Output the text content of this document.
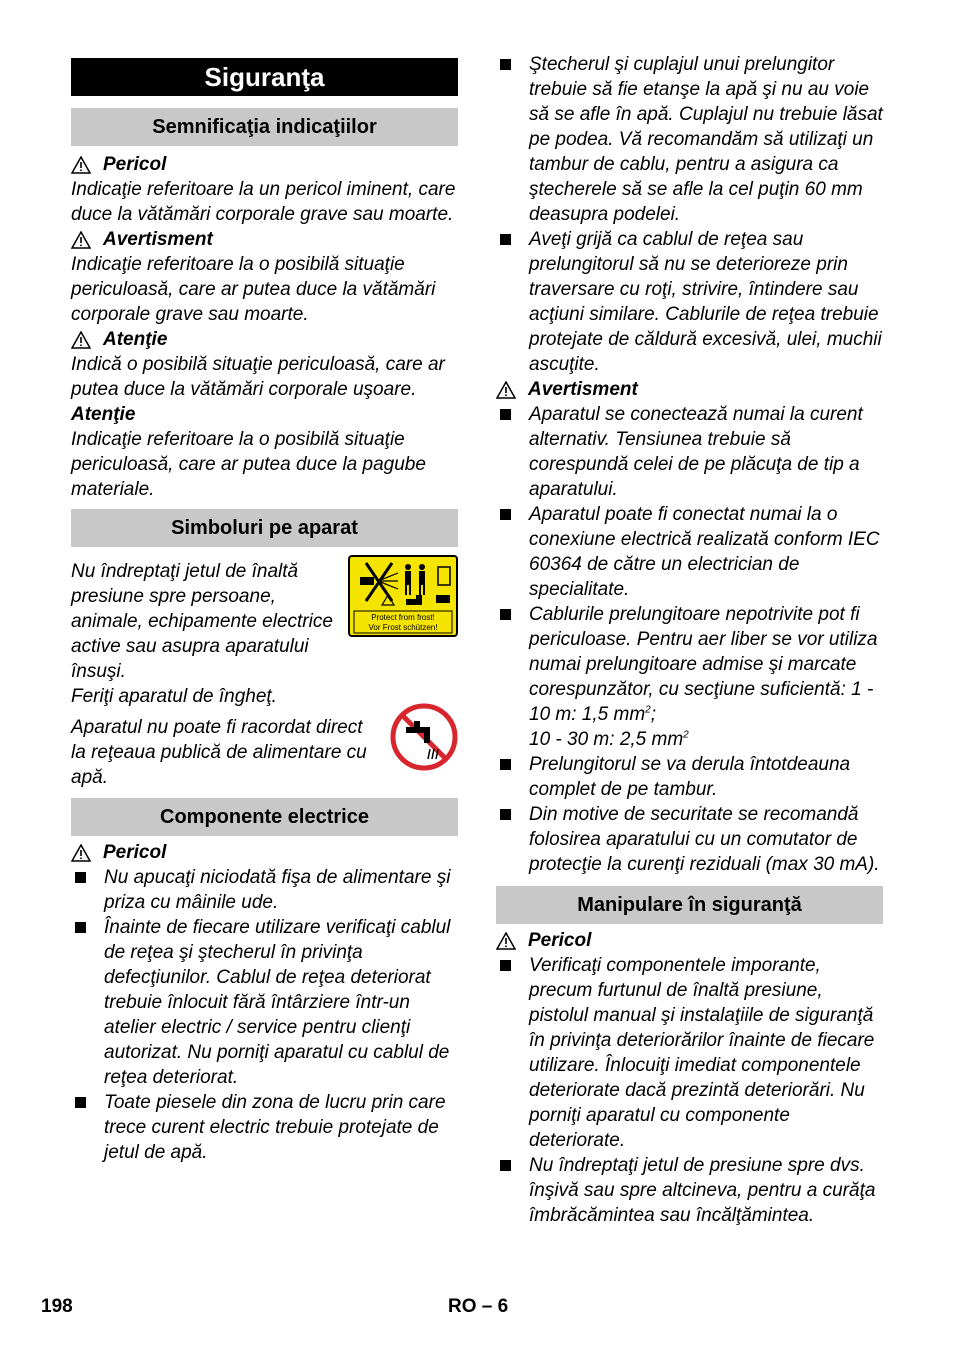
Siguranţa
Semnificaţia indicaţiilor
Pericol

Indicaţie referitoare la un pericol iminent, care duce la vătămări corporale grave sau moarte.

Avertisment

Indicaţie referitoare la o posibilă situaţie periculoasă, care ar putea duce la vătămări corporale grave sau moarte.

Atenţie

Indică o posibilă situaţie periculoasă, care ar putea duce la vătămări corporale uşoare.

Atenţie

Indicaţie referitoare la o posibilă situaţie periculoasă, care ar putea duce la pagube materiale.

Simboluri pe aparat

Nu îndreptaţi jetul de înaltă presiune spre persoane, animale, echipamente electrice active sau asupra aparatului însuşi.

Protect from frost!
Vor Frost schützen!

Feriţi aparatul de îngheţ.

Aparatul nu poate fi racordat direct la reţeaua publică de alimentare cu apă.

Componente electrice
Pericol
Nu apucaţi niciodată fişa de alimentare şi priza cu mâinile ude.
Înainte de fiecare utilizare verificaţi cablul de reţea şi ştecherul în privinţa defecţiunilor. Cablul de reţea deteriorat trebuie înlocuit fără întârziere într-un atelier electric / service pentru clienţi autorizat. Nu porniţi aparatul cu cablul de reţea deteriorat.
Toate piesele din zona de lucru prin care trece curent electric trebuie protejate de jetul de apă.
Ştecherul şi cuplajul unui prelungitor trebuie să fie etanşe la apă şi nu au voie să se afle în apă. Cuplajul nu trebuie lăsat pe podea. Vă recomandăm să utilizaţi un tambur de cablu, pentru a asigura ca ştecherele să se afle la cel puţin 60 mm deasupra podelei.
Aveţi grijă ca cablul de reţea sau prelungitorul să nu se deterioreze prin traversare cu roţi, strivire, întindere sau acţiuni similare. Cablurile de reţea trebuie protejate de căldură excesivă, ulei, muchii ascuţite.
Avertisment
Aparatul se conectează numai la curent alternativ. Tensiunea trebuie să corespundă celei de pe plăcuţa de tip a aparatului.
Aparatul poate fi conectat numai la o conexiune electrică realizată conform IEC 60364 de către un electrician de specialitate.
Cablurile prelungitoare nepotrivite pot fi periculoase. Pentru aer liber se vor utiliza numai prelungitoare admise şi marcate corespunzător, cu secţiune suficientă: 1 - 10 m: 1,5 $mm^2$;
10 - 30 m: 2,5 $mm^2$
Prelungitorul se va derula întotdeauna complet de pe tambur.
Din motive de securitate se recomandă folosirea aparatului cu un comutator de protecţie la curenţi reziduali (max 30 mA).
Manipulare în siguranţă
Pericol
Verificaţi componentele imporante, precum furtunul de înaltă presiune, pistolul manual şi instalaţiile de siguranţă în privinţa deteriorărilor înainte de fiecare utilizare. Înlocuiţi imediat componentele deteriorate dacă prezintă deteriorări. Nu porniţi aparatul cu componente deteriorate.
Nu îndreptaţi jetul de presiune spre dvs. înşivă sau spre altcineva, pentru a curăţa îmbrăcămintea sau încălţămintea.
198	RO – 6
